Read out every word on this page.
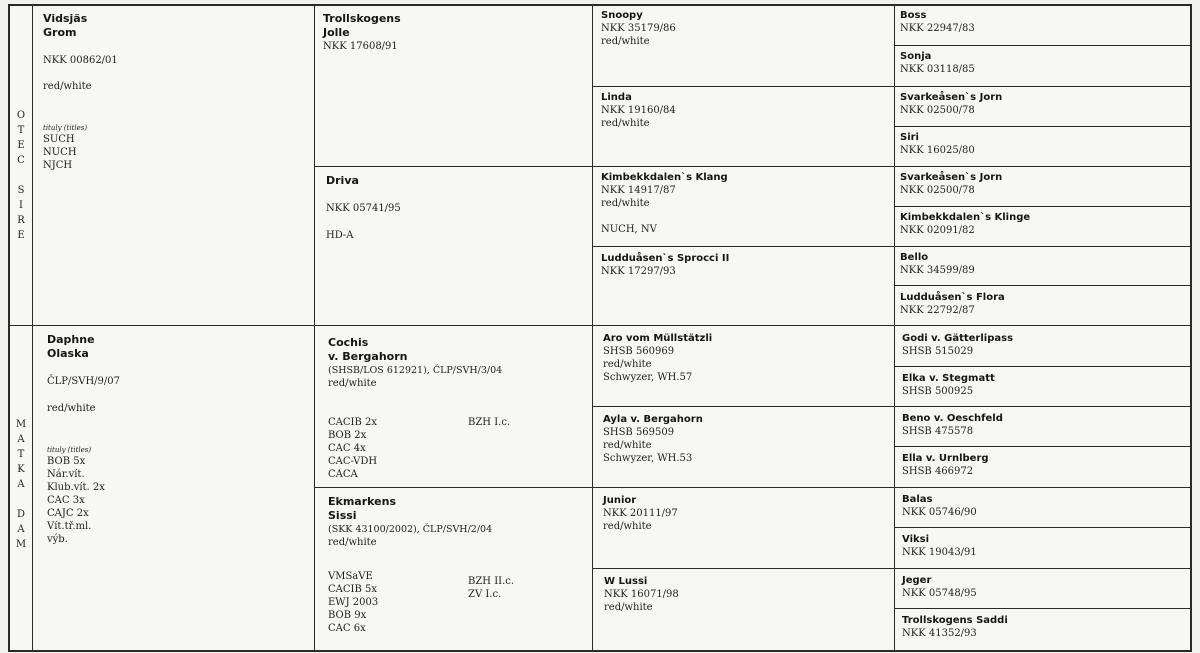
O
T
E
C

S
I
R
E
M
A
T
K
A

D
A
M
Vidsjäs
Grom
NKK 00862/01
red/white
tituly (titles)
SUCH
NUCH
NJCH
Daphne
Olaska
ČLP/SVH/9/07
red/white
tituly (titles)
BOB 5x
Nár.vít.
Klub.vít. 2x
CAC 3x
CAJC 2x
Vít.tř.ml.
výb.
Trollskogens
Jolle
NKK 17608/91
Driva
NKK 05741/95
HD-A
Cochis
v. Bergahorn
(SHSB/LOS 612921), ČLP/SVH/3/04
red/white
CACIB 2x
BOB 2x
CAC 4x
CAC-VDH
CACA
BZH I.c.
Ekmarkens
Sissi
(SKK 43100/2002), ČLP/SVH/2/04
red/white
VMSaVE
CACIB 5x
EWJ 2003
BOB 9x
CAC 6x
BZH II.c.
ZV I.c.
Snoopy
NKK 35179/86
red/white
Linda
NKK 19160/84
red/white
Kimbekkdalen`s Klang
NKK 14917/87
red/white
NUCH, NV
Ludduåsen`s Sprocci II
NKK 17297/93
Aro vom Müllstätzli
SHSB 560969
red/white
Schwyzer, WH.57
Ayla v. Bergahorn
SHSB 569509
red/white
Schwyzer, WH.53
Junior
NKK 20111/97
red/white
W Lussi
NKK 16071/98
red/white
Boss
NKK 22947/83
Sonja
NKK 03118/85
Svarkeåsen`s Jorn
NKK 02500/78
Siri
NKK 16025/80
Svarkeåsen`s Jorn
NKK 02500/78
Kimbekkdalen`s Klinge
NKK 02091/82
Bello
NKK 34599/89
Ludduåsen`s Flora
NKK 22792/87
Godi v. Gätterlipass
SHSB 515029
Elka v. Stegmatt
SHSB 500925
Beno v. Oeschfeld
SHSB 475578
Ella v. Urnlberg
SHSB 466972
Balas
NKK 05746/90
Viksi
NKK 19043/91
Jeger
NKK 05748/95
Trollskogens Saddi
NKK 41352/93
